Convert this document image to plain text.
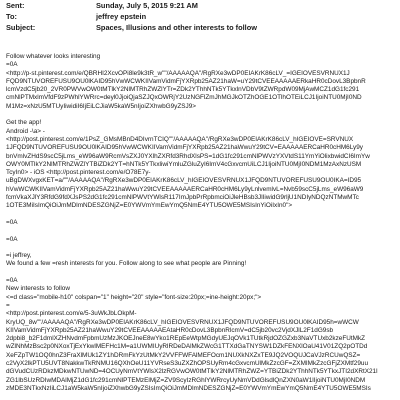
Sent:	Sunday, July 5, 2015 9:21 AM
To:	jeffrey epstein
Subject:	Spaces, Illusions and other interests to follow
Follow whatever looks interesting
=0A
<http://p-st.pinterest.com/e/QBRHI2XcvOPi8le9k3tR_w""/AAAAAQA"/RgRXe3wDP0EIAKrK86cLV_=IGEIOVESVRNUX1J
FQD9NTUVOREFUSU9OU0lKAID95hVwWCWKIIVamVidmFjYXRpb25AZ21haW=uY29tCVEEAAAAAERkaHR0cDovL3BpbnR
lcmVzdC5jb20_2VR0PWVwOW0tMTlkY2NlMTRhZWZlYTr=ZDk2YThhNTk5YTkxlnVDbV9tZWRpdW09MjAwMCZ1dG1fc291
cmNlPTMxlmVfdF9zPWhlYWRrc=deyl0JjoiQjaSZJQxOWRjY2UzNGFlZmJhMGJkOTZhOGE1OTlhOTEiLCJ1IjoiNTU0MjI0ND
M1Mz=xNzU5MTUyIiwidiI6IjEiLCJiaW5kaW5nIjoiZXhwbG9yZSJ9>
Get the app!
Android -\a> -
<http://post.pinterest.com/e/1PsZ_GMsMBnD4DIvrnTCIQ""/AAAAAQA"/RgRXe3wDP0EIAKrK86cLV_hIGEIOVE=SRVNUX
1JFQD9NTUVOREFUSU9OU0lKAID95hVwWCWKIIVamVidmFjYXRpb25AZ21haWwuY29tCV=EAAAAAERCaHR0cHM6Ly9y
bnVmlvZHdS9scC5jLms_eW96aW9RcmVsZXJ0YXlhZXRfd3RhdXlsPS=1dG1fc291cmNlPWVzYXVtdS11YmYiOlixbwidCI6ImYw
OWY0MTlkY2NlMTRhZWZlYTBiZDk2YT=hNTk5YTkxliwiYmluZGluZyI6ImV4cGxvcmUiLCJ1IjoiNTU0MjI0NDM1MzAxNzUSM
TcyIn0> - iOS <http://post.pinterest.com/e/O78E7y-
uBgDWXvgxKET=a/""/AAAAAQA"/RgRXe3wDP0EIAKrK86cLV_hIGEIOVESVRNUX1JFQD9NTUVOREFUSU9OU0IKA=ID95
hVwWCWKIIVamVidmFjYXRpb25AZ21haWwuY29tCVEEAAAAAERCaHR0cHM6Ly9yLnlvemlvL=Nvb59scC5jLms_eW96aW9
fcmVkaXJlY3RfdG9fdXJsPS2dG1fc291cmNlPWVtYWlsR117ImJpbPrRpbmciOiJleHBsb3JlIiwidG9rljU1NDIyNDQzNTMwMTc
1OTE3MiIsImQiOiJmMDlmNDESZGNjZ=E0YWVmYmEwYmQ5NmE4YTU5OWE5MSIsInYiOiIxIn0">
=0A
=0A
=i jeffrey,
We found a few =resh interests for you. Follow along to see what people are Pinning!
=0A
New interests to follow
<=d class="mobile-h10" colspan="1" height="20" style="font-size:20px;=ine-height:20px;">
=
<http://post.pinterest.com/e/5-3uWkJbLOkpM-
KryUQ_8w""/AAAAAQA"/RgRXe3wDP0EIAKrK86cLV_hIGEIOVESVRNUX1JFQD9NTUVOREFUSU9OU0lKAID95h=wWCW
KIIVamVidmFjYXRpb25AZ21haWwuY29tCVEEAAAAAEAtaHR0cDovL3BpbnRlcmV=dC5jb20vc2VjdXJlL2F1dG9sb
2dpbi8_b2F1dmlXZHNvdmFpbmUzMzJKOEJneE8wYko1REpEeWtpMGdyUEJqOVk1TUtkRjdOZGZxb3NaVTUxb2kzeFUtMkZ
wZlNhMzBsc2p0NXoxTjExYkwlMEFHc1M=a1UWMIUyRlRDeDAlMkZWcG1TTXdGaTNYSW1DZkFENXlOaU41V01ZQ2pOTDd
XeFZpTW1OQ0hnZ3FraXlMUk1ZY1hDRmFkYzUtMkY2VVFFWFAlMEFOcm1NUXkNXZxTE9JQ2VOQUJCaVJzRCUwQSZ=
c2VyX2lkPTU5UVT8NakkwTkRNMU16QXhOeU11YVRseS3uZXZhOPSUyRm4cGxvcmUlMkZzcGF=ZXMIMkZzcGFjZXMtf29uu
dGVudCUzRDkzMDkwNTUwND=4OCUyNmVtYWlsX2lzRGVwOW0tMTlkY2NlMTRhZWZ=YTBiZDk2YThhNTk5YTkxJTI2dXRtX21l
ZG1lbSUzRDIwMDAlMjZ1dG1fc291cmNlPTEMzElMjZ=ZV9ScyIzRGhlYWRrcyUyNmVDdGlsdlQnZXN0aW1lIjoiNTU0MjI0NDM
zMDE3NTkxNzIiLCJ1aW5kaW5nIjoiZXhwbG9yZSIsImQiOiJmMDlmNDESZGNjZ=E0YWVmYmEwYmQ5NmE4YTU5OWE5MSIs
